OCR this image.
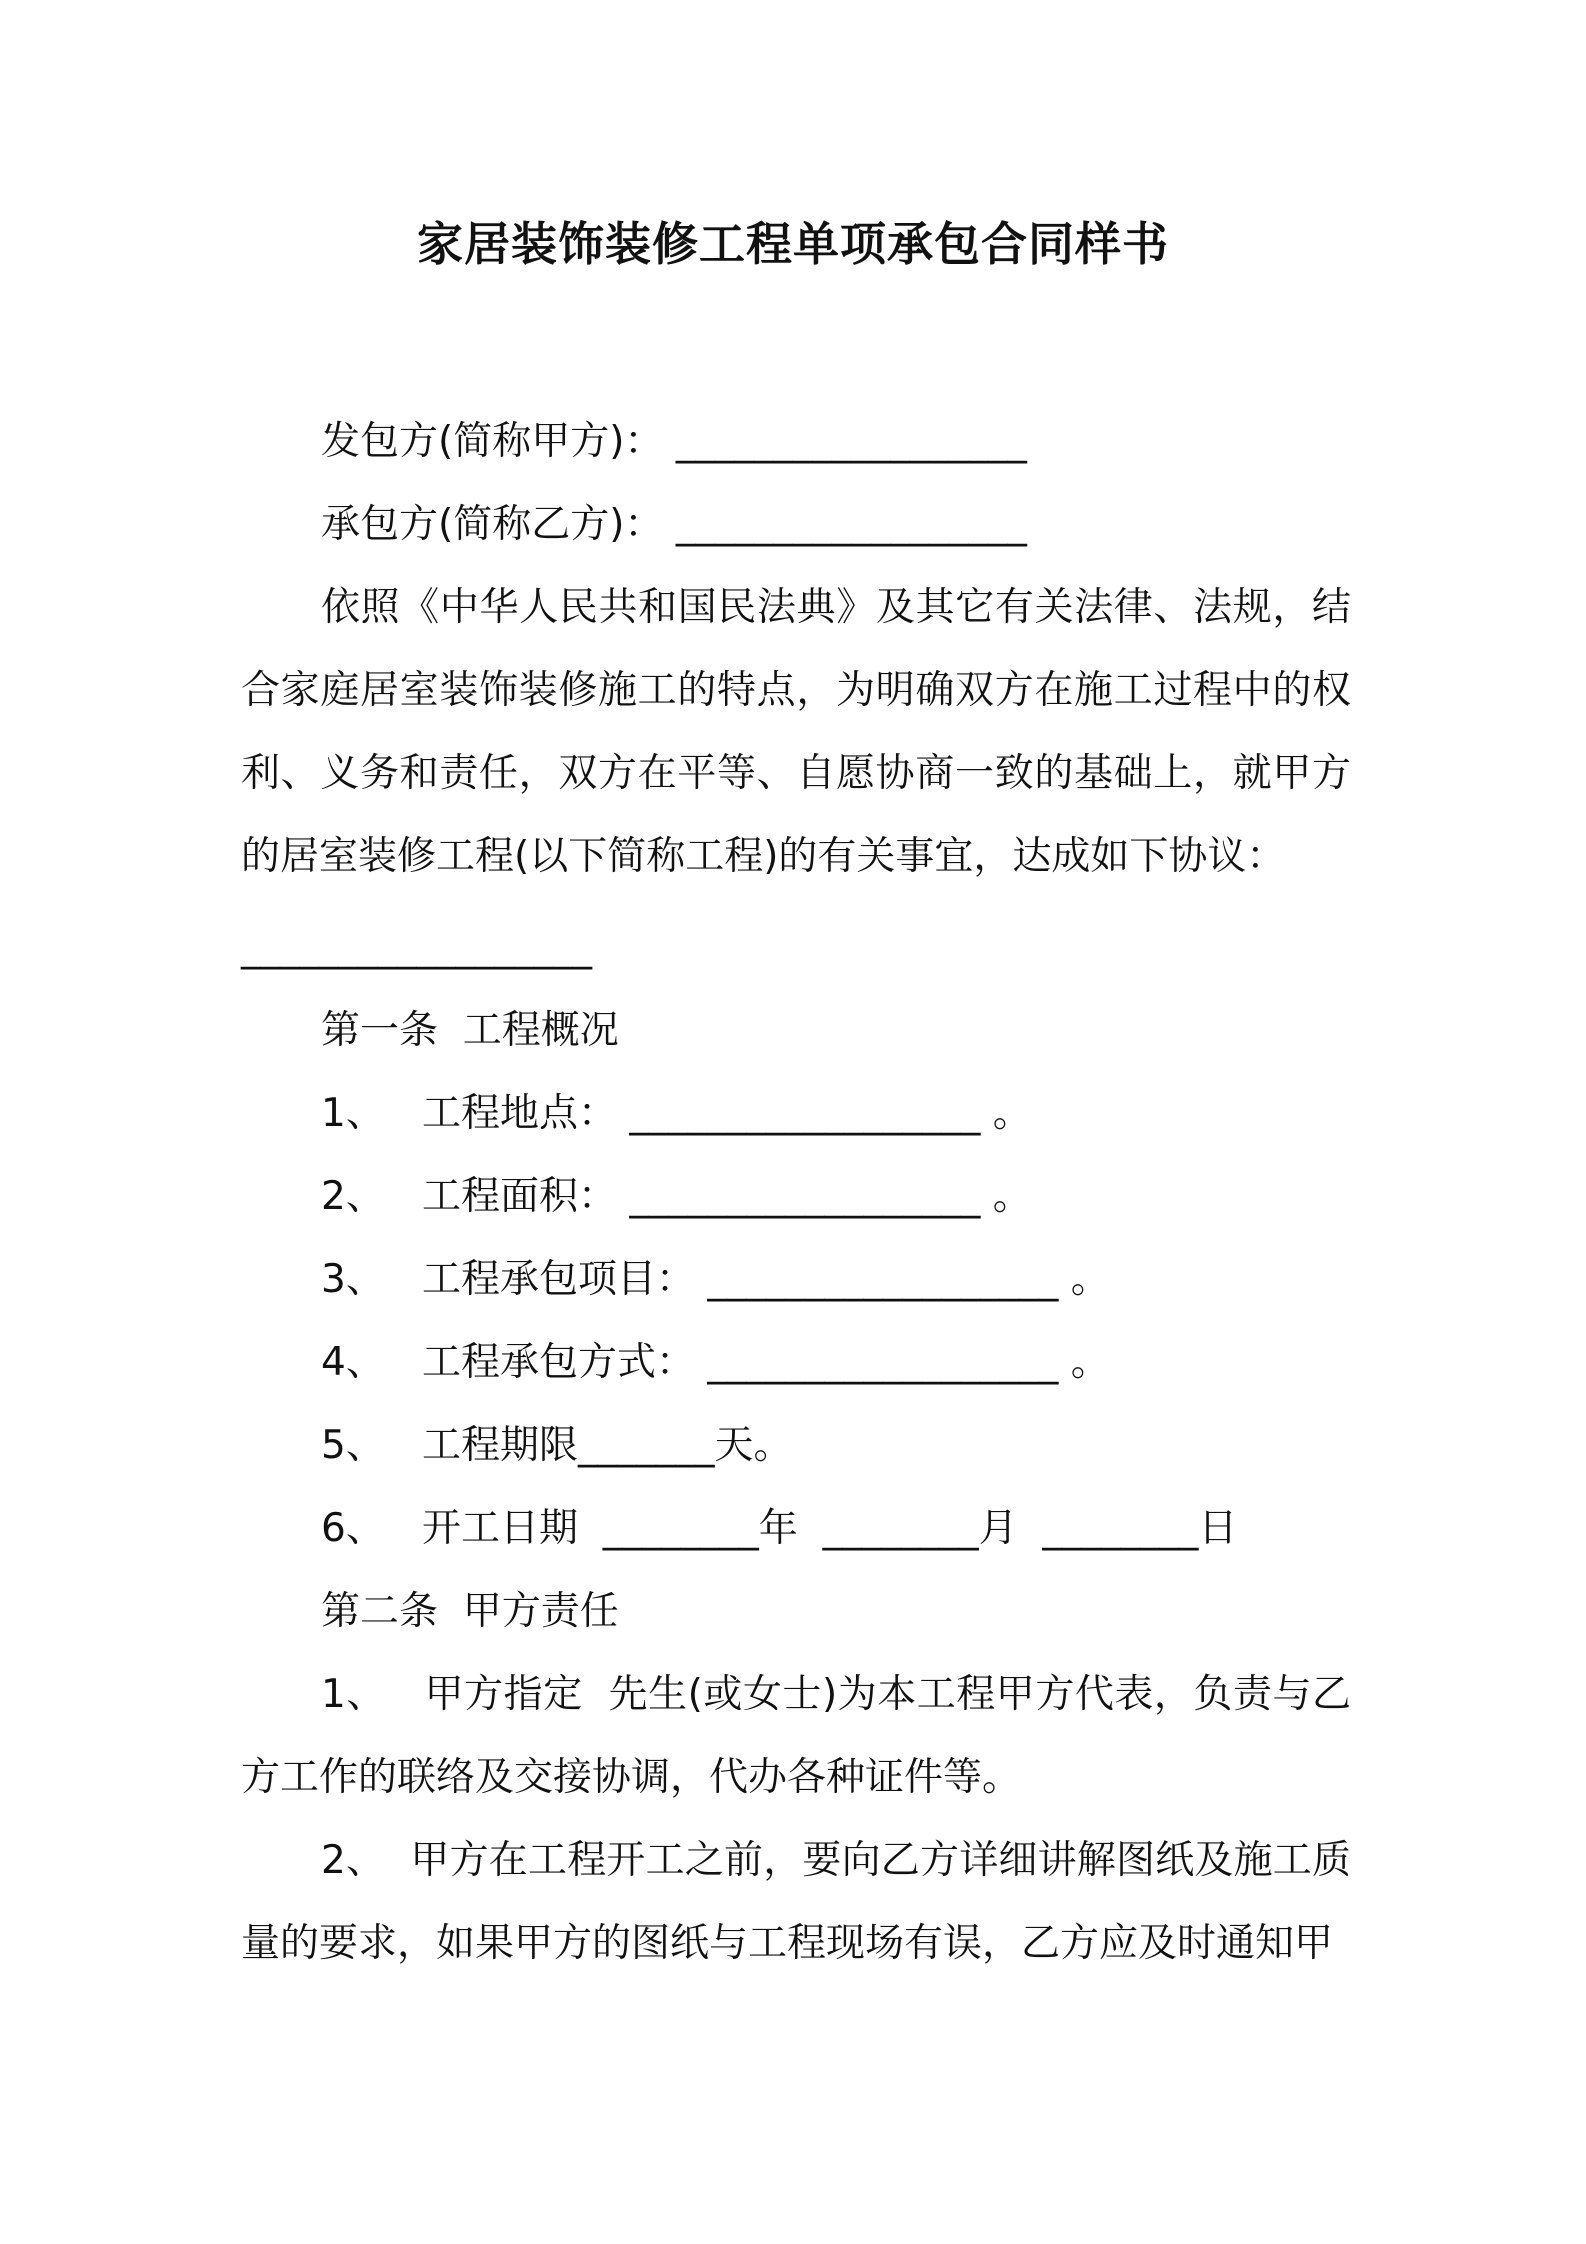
家居装饰装修工程单项承包合同样书

发包方(简称甲方)： __________________

承包方(简称乙方)： __________________

依照《中华人民共和国民法典》及其它有关法律、法规，结合家庭居室装饰装修施工的特点，为明确双方在施工过程中的权利、义务和责任，双方在平等、自愿协商一致的基础上，就甲方的居室装修工程(以下简称工程)的有关事宜，达成如下协议：

__________________

第一条  工程概况

1、   工程地点： __________________ 。

2、   工程面积： __________________ 。

3、   工程承包项目： __________________ 。

4、   工程承包方式： __________________ 。

5、   工程期限_______天。

6、   开工日期  ________年  ________月  ________日

第二条  甲方责任

1、   甲方指定  先生(或女士)为本工程甲方代表，负责与乙方工作的联络及交接协调，代办各种证件等。

2、  甲方在工程开工之前，要向乙方详细讲解图纸及施工质量的要求，如果甲方的图纸与工程现场有误，乙方应及时通知甲
